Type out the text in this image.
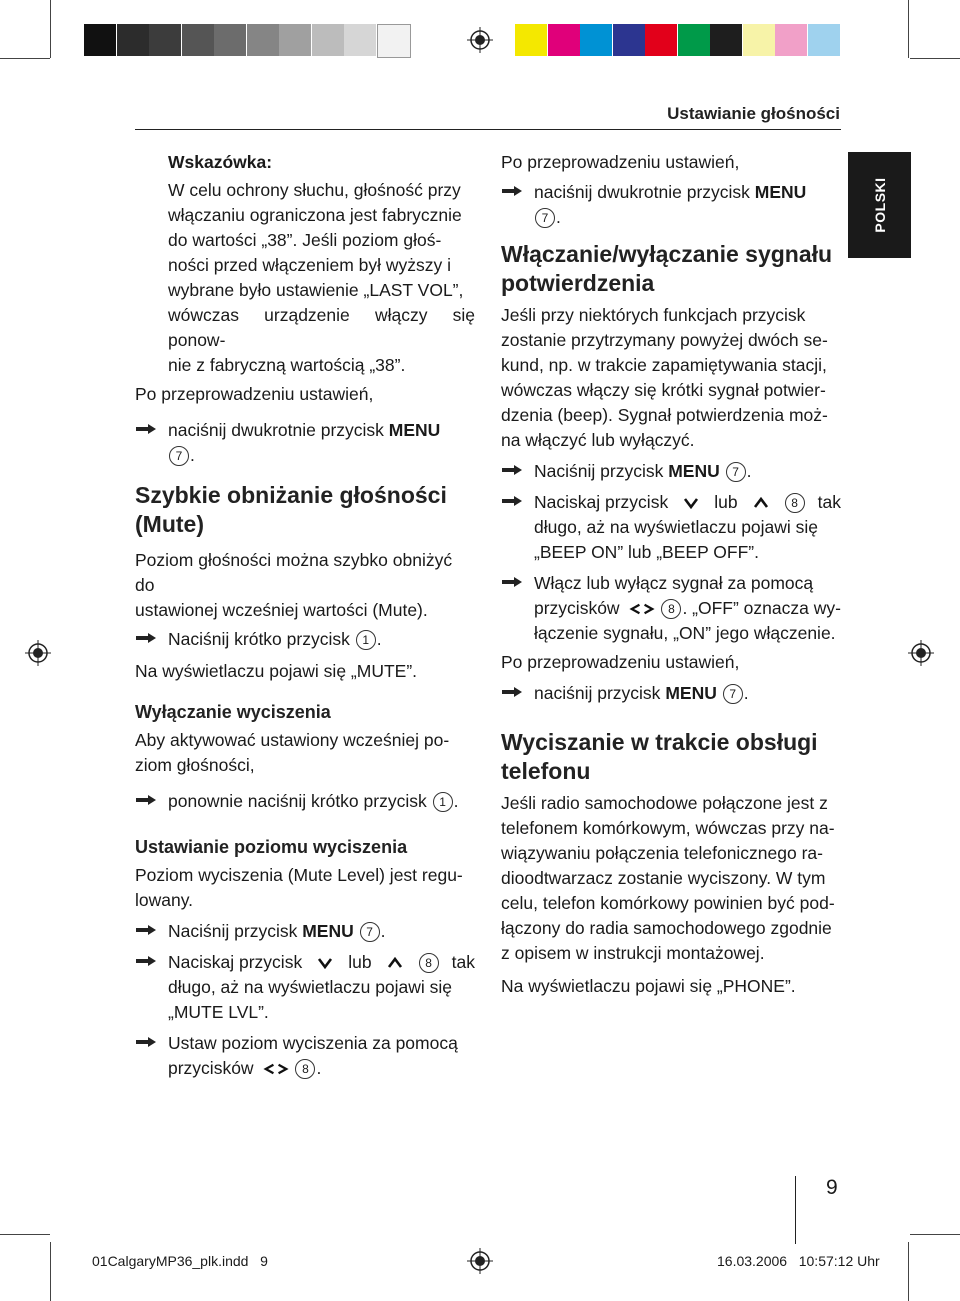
Ustawianie głośności
POLSKI

Wskazówka:

W celu ochrony słuchu, głośność przy

włączaniu ograniczona jest fabrycznie

do wartości „38”. Jeśli poziom głoś-

ności przed włączeniem był wyższy i

wybrane było ustawienie „LAST VOL”,

wówczas urządzenie włączy się ponow-

nie z fabryczną wartością „38”.

Po przeprowadzeniu ustawień,

naciśnij dwukrotnie przycisk MENU

7 .

Szybkie obniżanie głośności

(Mute)

Poziom głośności można szybko obniżyć do

ustawionej wcześniej wartości (Mute).

Naciśnij krótko przycisk 1 .

Na wyświetlaczu pojawi się „MUTE”.

Wyłączanie wyciszenia

Aby aktywować ustawiony wcześniej po-

ziom głośności,

ponownie naciśnij krótko przycisk 1 .

Ustawianie poziomu wyciszenia

Poziom wyciszenia (Mute Level) jest regu-

lowany.

Naciśnij przycisk MENU 7 .

Naciskaj przycisk	lub	8	tak

długo, aż na wyświetlaczu pojawi się

„MUTE LVL”.

Ustaw poziom wyciszenia za pomocą

przycisków	8 .

Po przeprowadzeniu ustawień,

naciśnij dwukrotnie przycisk MENU

7 .

Włączanie/wyłączanie sygnału

potwierdzenia

Jeśli przy niektórych funkcjach przycisk

zostanie przytrzymany powyżej dwóch se-

kund, np. w trakcie zapamiętywania stacji,

wówczas włączy się krótki sygnał potwier-

dzenia (beep). Sygnał potwierdzenia moż-

na włączyć lub wyłączyć.

Naciśnij przycisk MENU 7 .

Naciskaj przycisk	lub	8	tak

długo, aż na wyświetlaczu pojawi się

„BEEP ON” lub „BEEP OFF”.

Włącz lub wyłącz sygnał za pomocą

przycisków	8 . „OFF” oznacza wy-

łączenie sygnału, „ON” jego włączenie.

Po przeprowadzeniu ustawień,

naciśnij przycisk MENU 7 .

Wyciszanie w trakcie obsługi

telefonu

Jeśli radio samochodowe połączone jest z

telefonem komórkowym, wówczas przy na-

wiązywaniu połączenia telefonicznego ra-

dioodtwarzacz zostanie wyciszony. W tym

celu, telefon komórkowy powinien być pod-

łączony do radia samochodowego zgodnie

z opisem w instrukcji montażowej.

Na wyświetlaczu pojawi się „PHONE”.

9
01CalgaryMP36_plk.indd   9	16.03.2006   10:57:12 Uhr
